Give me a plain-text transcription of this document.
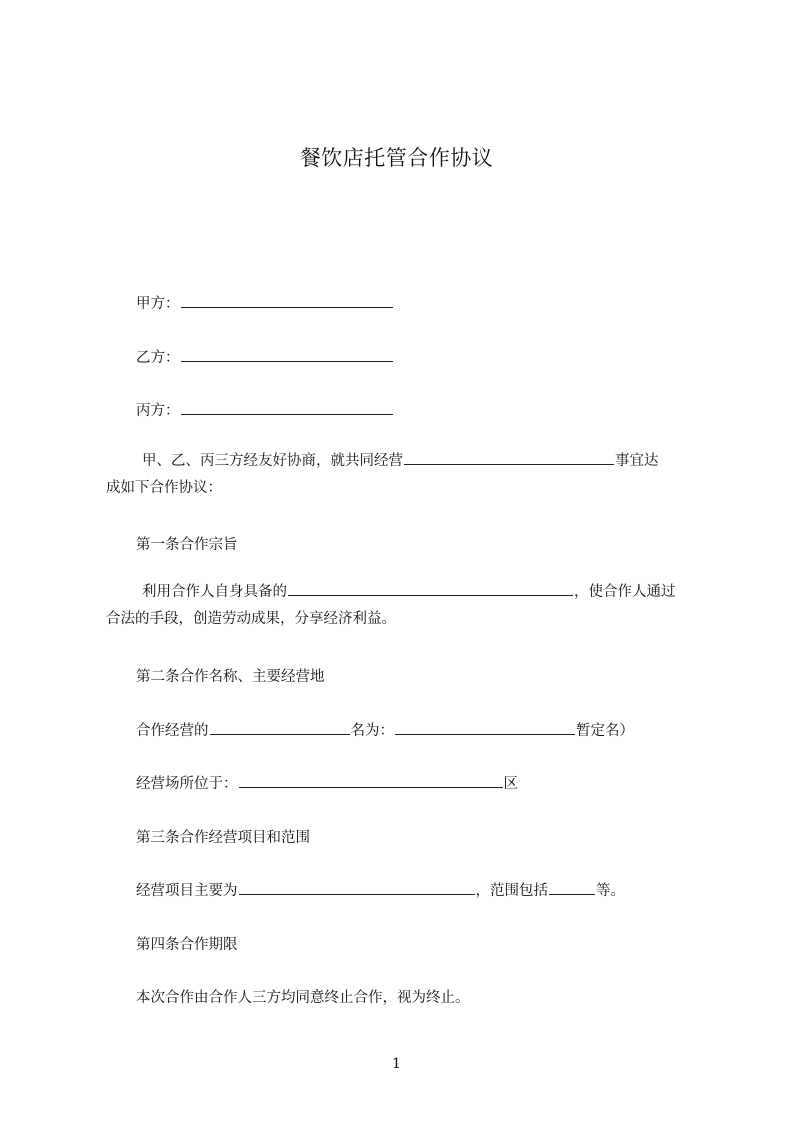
餐饮店托管合作协议
甲方：
乙方：
丙方：
甲、乙、丙三方经友好协商，就共同经营	事宜达
成如下合作协议：
第一条合作宗旨
利用合作人自身具备的	，使合作人通过
合法的手段，创造劳动成果，分享经济利益。
第二条合作名称、主要经营地
合作经营的	名为：	暂定名）
经营场所位于：	区
第三条合作经营项目和范围
经营项目主要为	，范围包括	等。
第四条合作期限
本次合作由合作人三方均同意终止合作，视为终止。
1
